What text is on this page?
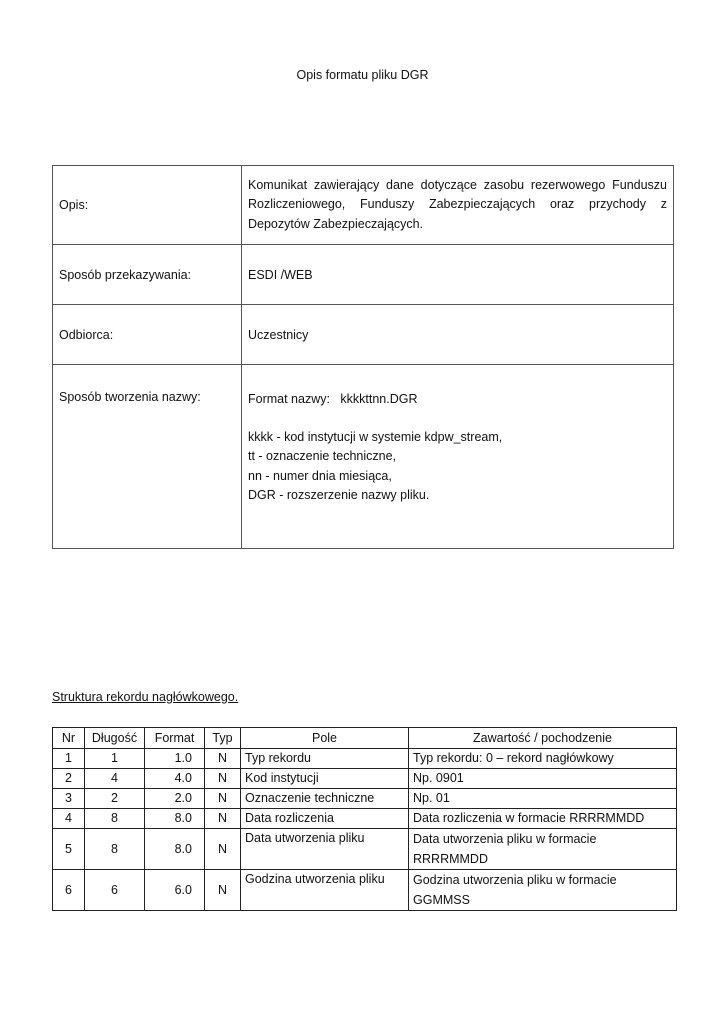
Opis formatu pliku DGR
Opis:	Komunikat zawierający dane dotyczące zasobu rezerwowego Funduszu Rozliczeniowego, Funduszy Zabezpieczających oraz przychody z Depozytów Zabezpieczających.
Sposób przekazywania:	ESDI /WEB
Odbiorca:	Uczestnicy
Sposób tworzenia nazwy:	Format nazwy:   kkkkttnn.DGR
kkkk - kod instytucji w systemie kdpw_stream,
tt - oznaczenie techniczne,
nn - numer dnia miesiąca,
DGR - rozszerzenie nazwy pliku.
Struktura rekordu nagłówkowego.
Nr	Długość	Format	Typ	Pole	Zawartość / pochodzenie
1	1	1.0	N	Typ rekordu	Typ rekordu: 0 – rekord nagłówkowy
2	4	4.0	N	Kod instytucji	Np. 0901
3	2	2.0	N	Oznaczenie techniczne	Np. 01
4	8	8.0	N	Data rozliczenia	Data rozliczenia w formacie RRRRMMDD
5	8	8.0	N	Data utworzenia pliku	Data utworzenia pliku w formacie RRRRMMDD
6	6	6.0	N	Godzina utworzenia pliku	Godzina utworzenia pliku w formacie GGMMSS
